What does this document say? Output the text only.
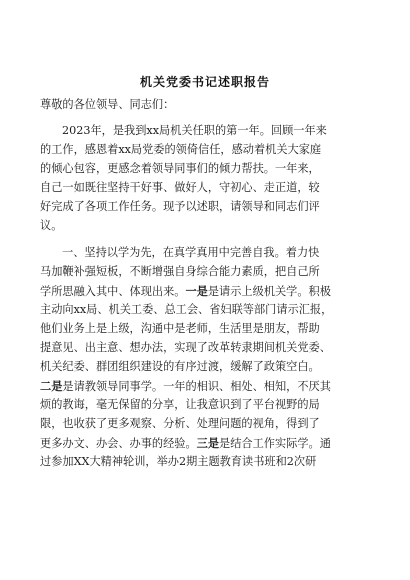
机关党委书记述职报告
尊敬的各位领导、同志们：
2023年，是我到xx局机关任职的第一年。回顾一年来
的工作，感恩着xx局党委的领倚信任，感动着机关大家庭
的倾心包容，更感念着领导同事们的倾力帮扶。一年来，
自己一如既往坚持干好事、做好人，守初心、走正道，较
好完成了各项工作任务。现予以述职，请领导和同志们评
议。
一、坚持以学为先，在真学真用中完善自我。着力快
马加鞭补强短板，不断增强自身综合能力素质，把自己所
学所思融入其中、体现出来。一是是请示上级机关学。积极
主动向xx局、机关工委、总工会、省妇联等部门请示汇报，
他们业务上是上级，沟通中是老师，生活里是朋友，帮助
提意见、出主意、想办法，实现了改革转隶期间机关党委、
机关纪委、群团组织建设的有序过渡，缓解了政策空白。
二是是请教领导同事学。一年的相识、相处、相知，不厌其
烦的教诲，毫无保留的分享，让我意识到了平台视野的局
限，也收获了更多观察、分析、处理问题的视角，得到了
更多办文、办会、办事的经验。三是是结合工作实际学。通
过参加XX大精神轮训，举办2期主题教育读书班和2次研
